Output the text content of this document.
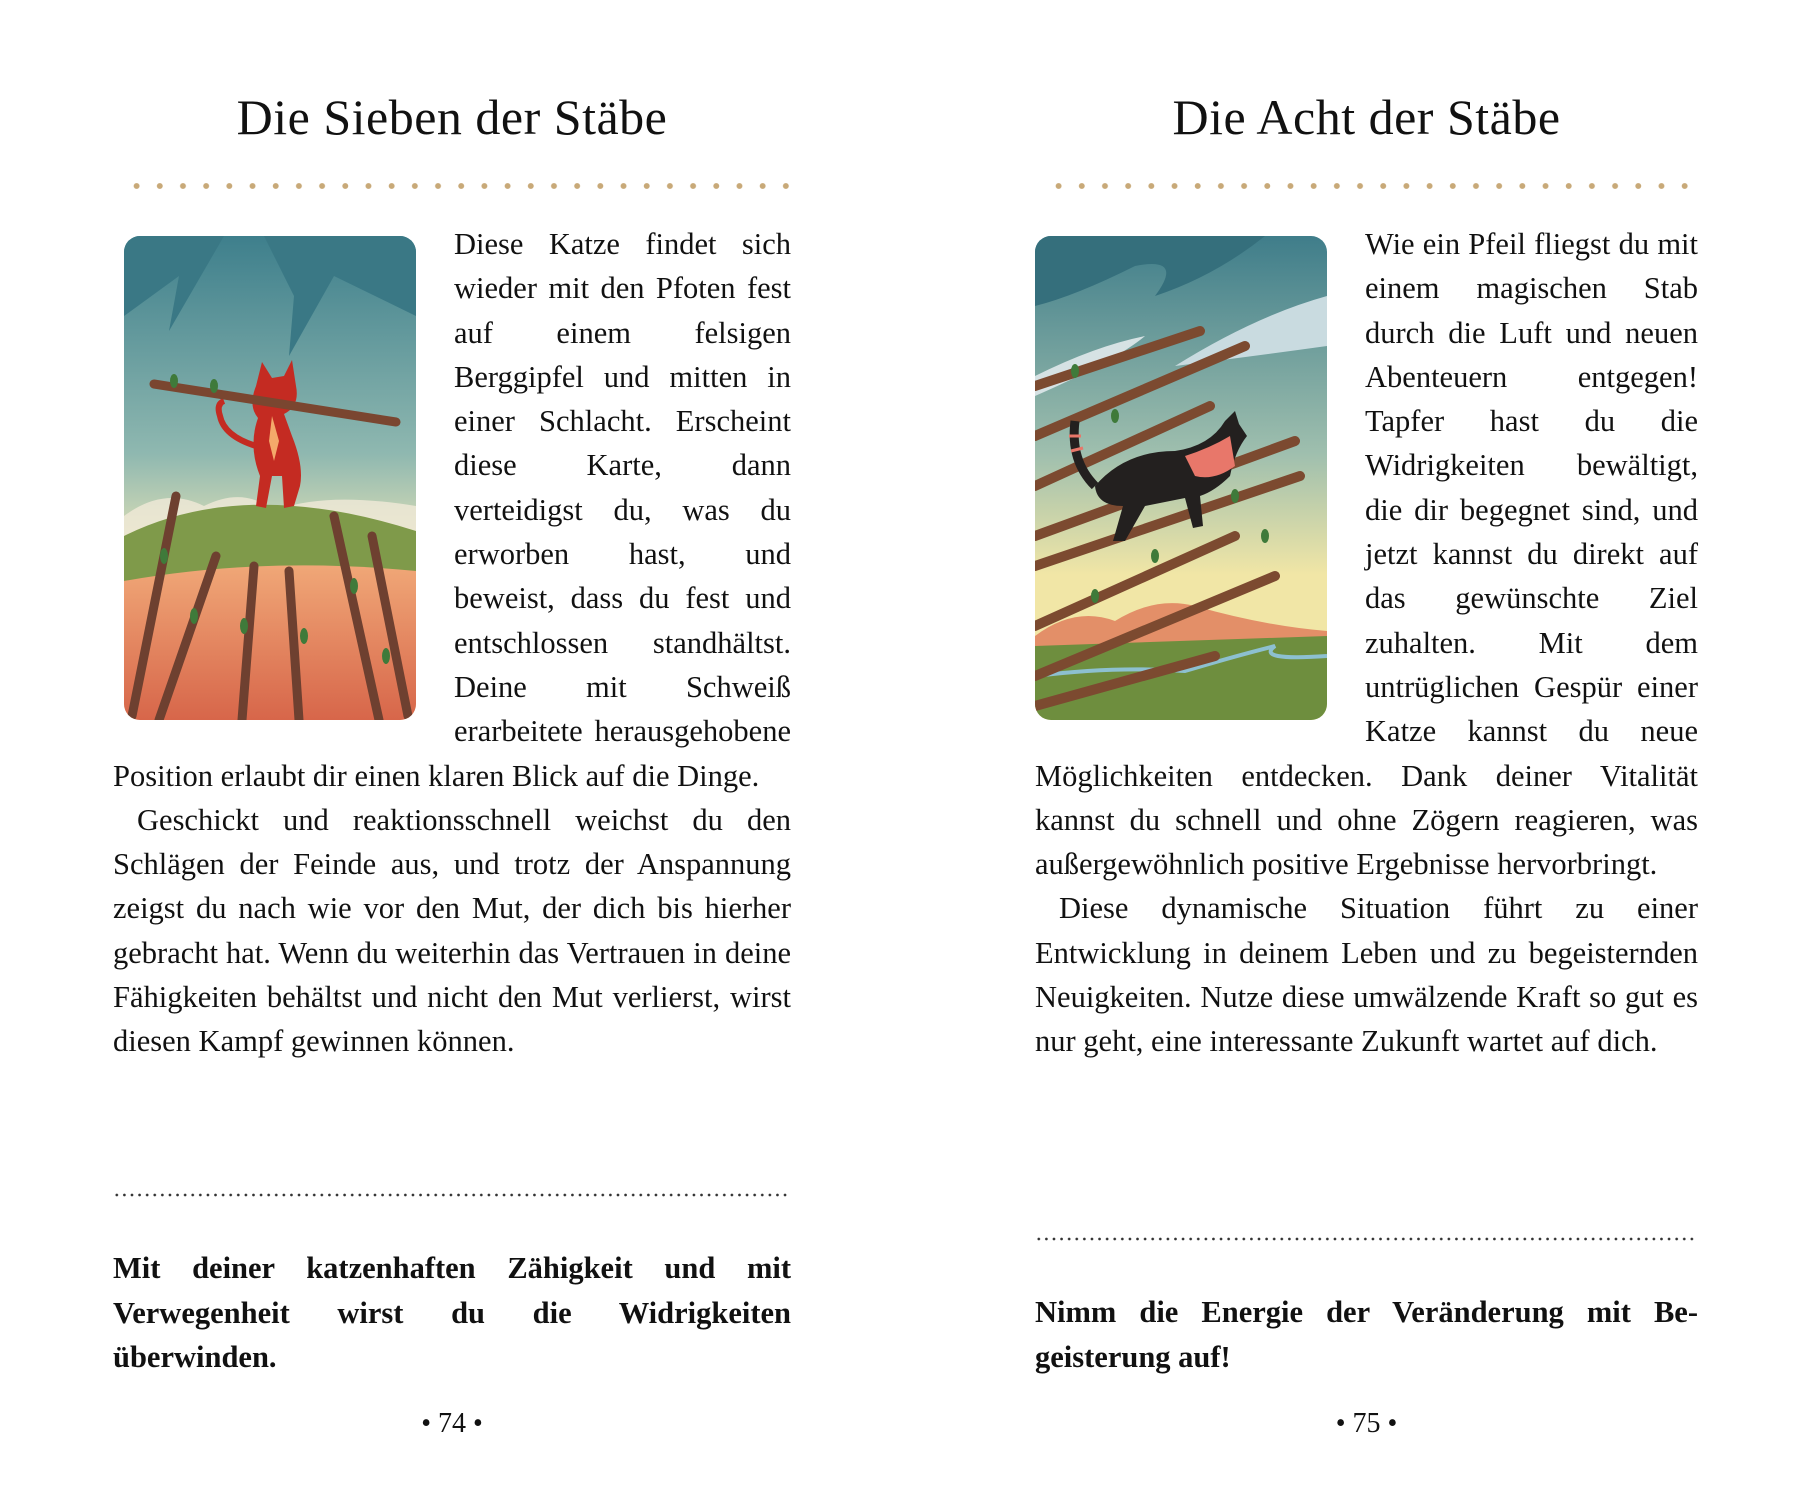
Die Sieben der Stäbe

Diese Katze findet sich wieder mit den Pfoten fest auf einem felsigen Berggipfel und mitten in einer Schlacht. Erscheint diese Karte, dann verteidigst du, was du erworben hast, und beweist, dass du fest und entschlossen standhältst. Deine mit Schweiß erarbeitete herausgehobene Position erlaubt dir einen klaren Blick auf die Dinge.

Geschickt und reaktionsschnell weichst du den Schlägen der Feinde aus, und trotz der Anspannung zeigst du nach wie vor den Mut, der dich bis hierher gebracht hat. Wenn du weiterhin das Vertrauen in deine Fähigkeiten behältst und nicht den Mut verlierst, wirst diesen Kampf gewinnen können.

Mit deiner katzenhaften Zähigkeit und mit Verwegenheit wirst du die Widrigkeiten überwinden.

• 74 •
Die Acht der Stäbe

Wie ein Pfeil fliegst du mit einem magischen Stab durch die Luft und neuen Abenteuern entgegen! Tapfer hast du die Widrigkeiten bewältigt, die dir begegnet sind, und jetzt kannst du direkt auf das gewünschte Ziel zuhalten. Mit dem untrüglichen Gespür einer Katze kannst du neue Möglichkeiten entdecken. Dank deiner Vitalität kannst du schnell und ohne Zögern reagieren, was außergewöhnlich positive Ergebnisse hervorbringt.

Diese dynamische Situation führt zu einer Entwicklung in deinem Leben und zu begeisternden Neuigkeiten. Nutze diese umwälzende Kraft so gut es nur geht, eine interessante Zukunft wartet auf dich.

Nimm die Energie der Veränderung mit Begeisterung auf!

• 75 •
